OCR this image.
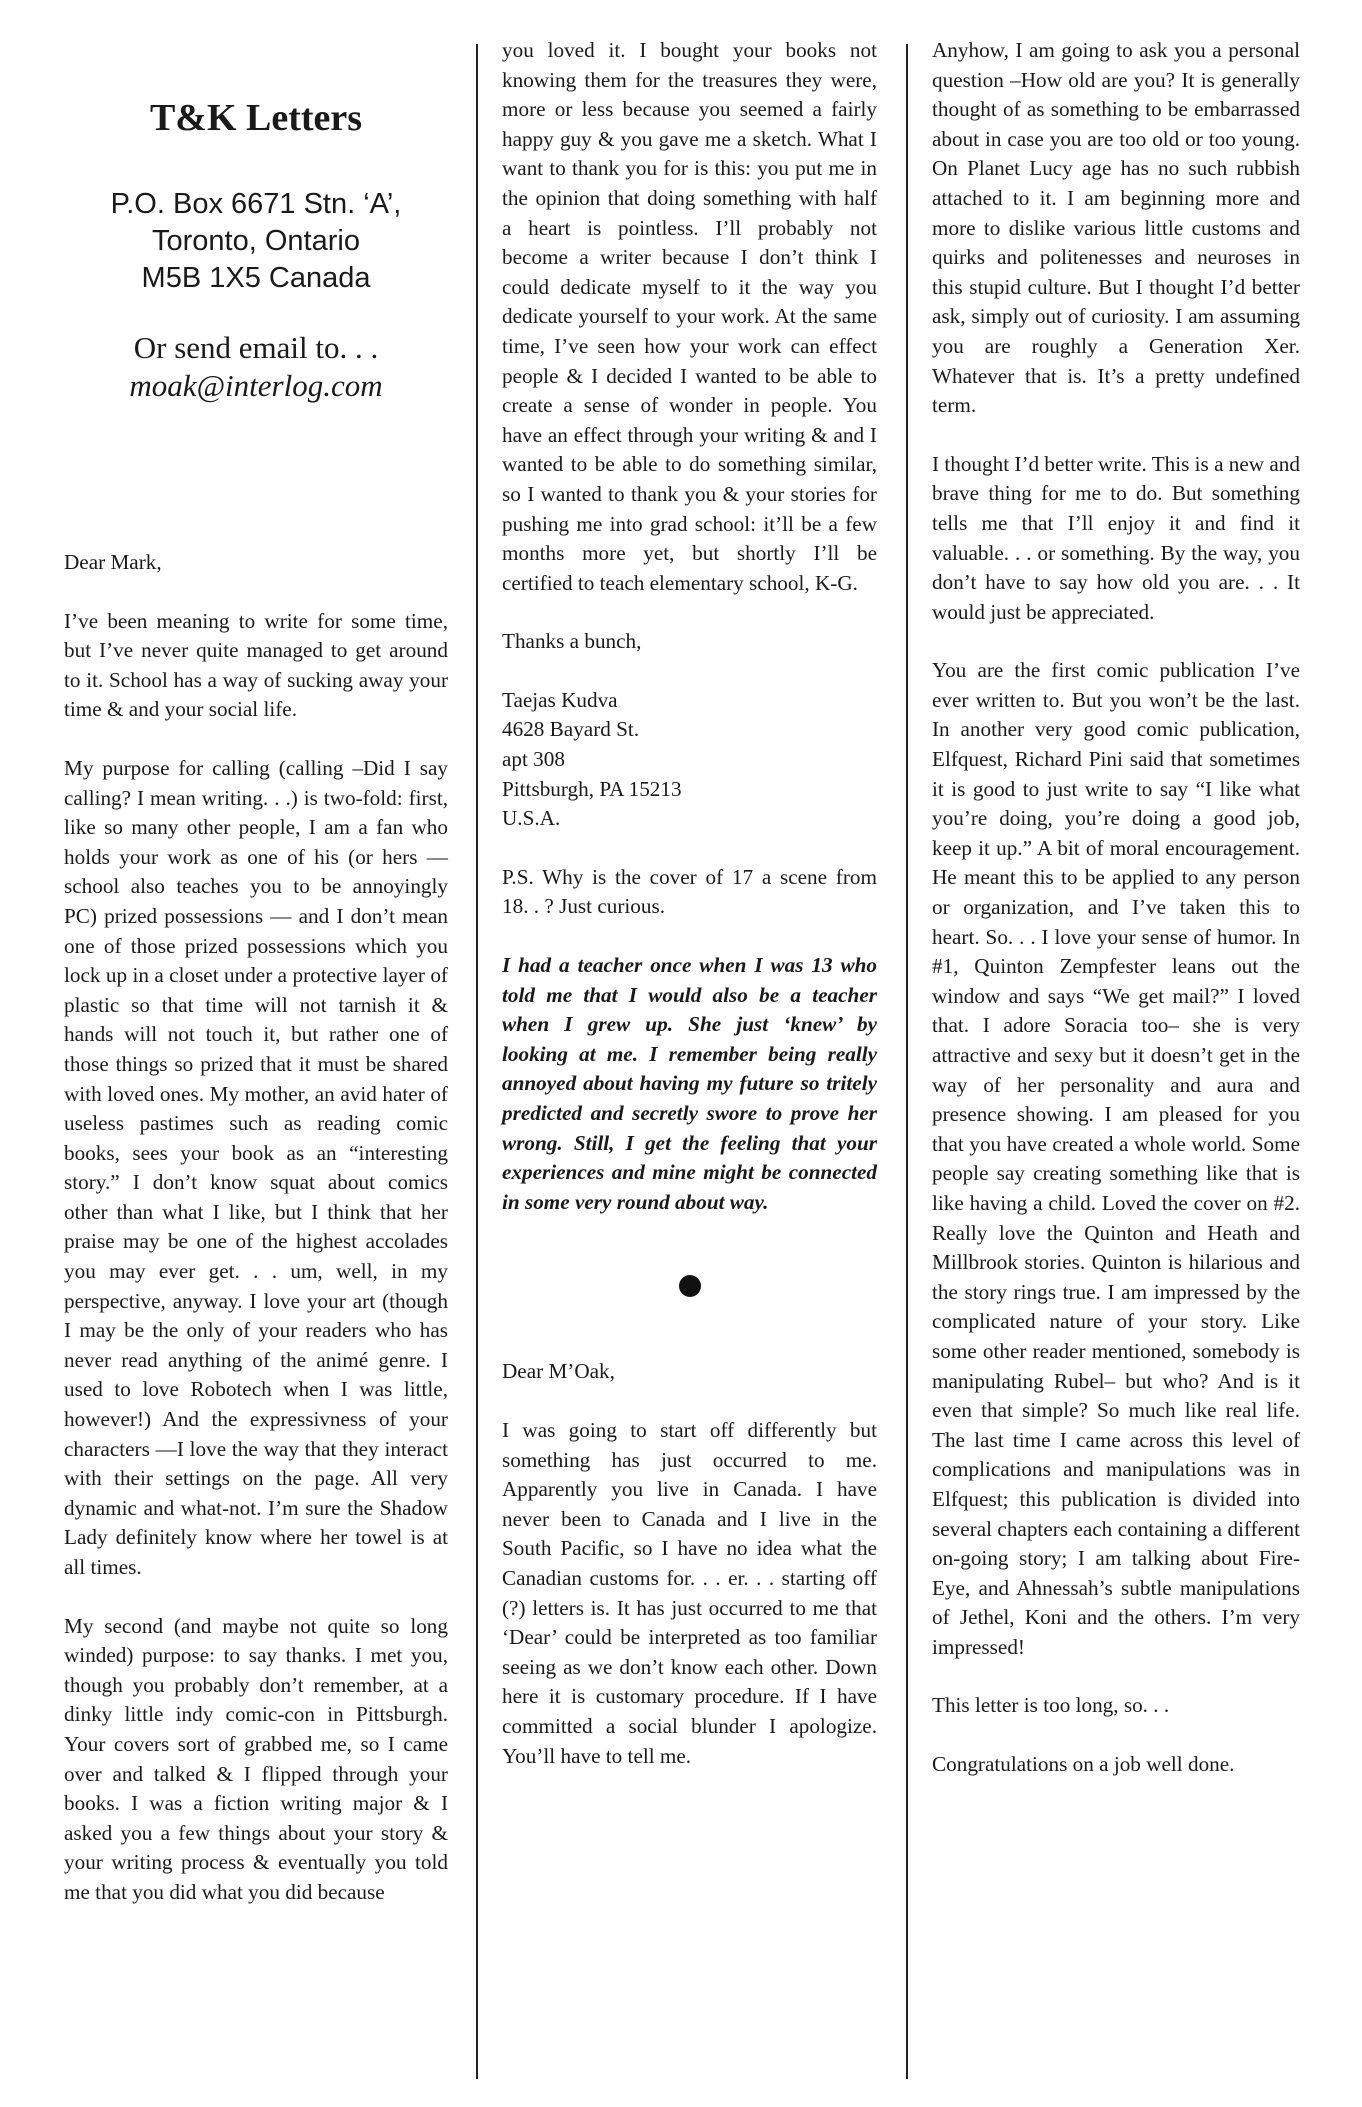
T&K Letters
P.O. Box 6671 Stn. ‘A’,
Toronto, Ontario
M5B 1X5 Canada
Or send email to. . .
moak@interlog.com
Dear Mark,

I’ve been meaning to write for some time, but I’ve never quite managed to get around to it. School has a way of sucking away your time & and your social life.

My purpose for calling (calling –Did I say calling? I mean writing. . .) is two-fold: first, like so many other people, I am a fan who holds your work as one of his (or hers —school also teaches you to be annoyingly PC) prized possessions — and I don’t mean one of those prized possessions which you lock up in a closet under a protective layer of plastic so that time will not tarnish it & hands will not touch it, but rather one of those things so prized that it must be shared with loved ones. My mother, an avid hater of useless pastimes such as reading comic books, sees your book as an “interesting story.” I don’t know squat about comics other than what I like, but I think that her praise may be one of the highest accolades you may ever get. . . um, well, in my perspective, anyway. I love your art (though I may be the only of your readers who has never read anything of the animé genre. I used to love Robotech when I was little, however!) And the expressivness of your characters —I love the way that they interact with their settings on the page. All very dynamic and what-not. I’m sure the Shadow Lady definitely know where her towel is at all times.

My second (and maybe not quite so long winded) purpose: to say thanks. I met you, though you probably don’t remember, at a dinky little indy comic-con in Pittsburgh. Your covers sort of grabbed me, so I came over and talked & I flipped through your books. I was a fiction writing major & I asked you a few things about your story & your writing process & eventually you told me that you did what you did because

you loved it. I bought your books not knowing them for the treasures they were, more or less because you seemed a fairly happy guy & you gave me a sketch. What I want to thank you for is this: you put me in the opinion that doing something with half a heart is pointless. I’ll probably not become a writer because I don’t think I could dedicate myself to it the way you dedicate yourself to your work. At the same time, I’ve seen how your work can effect people & I decided I wanted to be able to create a sense of wonder in people. You have an effect through your writing & and I wanted to be able to do something similar, so I wanted to thank you & your stories for pushing me into grad school: it’ll be a few months more yet, but shortly I’ll be certified to teach elementary school, K-G.

Thanks a bunch,
Taejas Kudva
4628 Bayard St.
apt 308
Pittsburgh, PA 15213
U.S.A.

P.S. Why is the cover of 17 a scene from 18. . ? Just curious.

I had a teacher once when I was 13 who told me that I would also be a teacher when I grew up. She just ‘knew’ by looking at me. I remember being really annoyed about having my future so tritely predicted and secretly swore to prove her wrong. Still, I get the feeling that your experiences and mine might be connected in some very round about way.

Dear M’Oak,

I was going to start off differently but something has just occurred to me. Apparently you live in Canada. I have never been to Canada and I live in the South Pacific, so I have no idea what the Canadian customs for. . . er. . . starting off (?) letters is. It has just occurred to me that ‘Dear’ could be interpreted as too familiar seeing as we don’t know each other. Down here it is customary procedure. If I have committed a social blunder I apologize. You’ll have to tell me.

Anyhow, I am going to ask you a personal question –How old are you? It is generally thought of as something to be embarrassed about in case you are too old or too young. On Planet Lucy age has no such rubbish attached to it. I am beginning more and more to dislike various little customs and quirks and politenesses and neuroses in this stupid culture. But I thought I’d better ask, simply out of curiosity. I am assuming you are roughly a Generation Xer. Whatever that is. It’s a pretty undefined term.

I thought I’d better write. This is a new and brave thing for me to do. But something tells me that I’ll enjoy it and find it valuable. . . or something. By the way, you don’t have to say how old you are. . . It would just be appreciated.

You are the first comic publication I’ve ever written to. But you won’t be the last. In another very good comic publication, Elfquest, Richard Pini said that sometimes it is good to just write to say “I like what you’re doing, you’re doing a good job, keep it up.” A bit of moral encouragement. He meant this to be applied to any person or organization, and I’ve taken this to heart. So. . . I love your sense of humor. In #1, Quinton Zempfester leans out the window and says “We get mail?” I loved that. I adore Soracia too– she is very attractive and sexy but it doesn’t get in the way of her personality and aura and presence showing. I am pleased for you that you have created a whole world. Some people say creating something like that is like having a child. Loved the cover on #2. Really love the Quinton and Heath and Millbrook stories. Quinton is hilarious and the story rings true. I am impressed by the complicated nature of your story. Like some other reader mentioned, somebody is manipulating Rubel– but who? And is it even that simple? So much like real life. The last time I came across this level of complications and manipulations was in Elfquest; this publication is divided into several chapters each containing a different on-going story; I am talking about Fire-Eye, and Ahnessah’s subtle manipulations of Jethel, Koni and the others. I’m very impressed!

This letter is too long, so. . .
Congratulations on a job well done.
